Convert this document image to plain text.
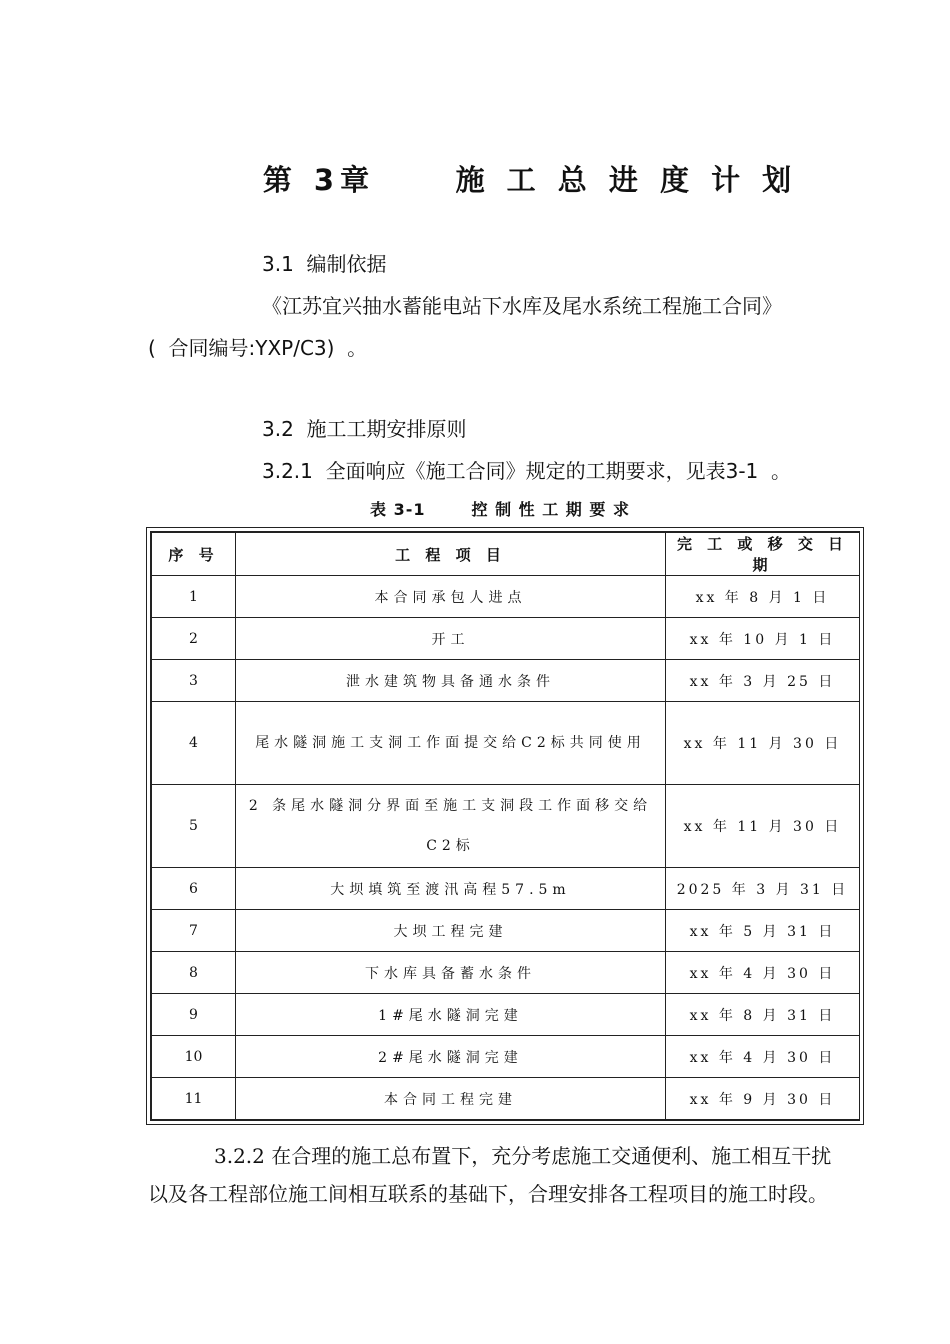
第 3章     施 工 总 进 度 计 划
3.1  编制依据
《江苏宜兴抽水蓄能电站下水库及尾水系统工程施工合同》
(  合同编号:YXP/C3)  。
3.2  施工工期安排原则
3.2.1  全面响应《施工合同》规定的工期要求，见表3-1  。
表 3-1       控 制 性 工 期 要 求
序 号	工 程 项 目	完 工 或 移 交 日 期
1	本合同承包人进点	xx 年 8 月 1 日
2	开工	xx 年 10 月 1 日
3	泄水建筑物具备通水条件	xx 年 3 月 25 日
4	尾水隧洞施工支洞工作面提交给C2标共同使用	xx 年 11 月 30 日
5	2 条尾水隧洞分界面至施工支洞段工作面移交给C2标	xx 年 11 月 30 日
6	大坝填筑至渡汛高程57.5m	2025 年 3 月 31 日
7	大坝工程完建	xx 年 5 月 31 日
8	下水库具备蓄水条件	xx 年 4 月 30 日
9	1#尾水隧洞完建	xx 年 8 月 31 日
10	2#尾水隧洞完建	xx 年 4 月 30 日
11	本合同工程完建	xx 年 9 月 30 日
3.2.2 在合理的施工总布置下，充分考虑施工交通便利、施工相互干扰
以及各工程部位施工间相互联系的基础下，合理安排各工程项目的施工时段。
